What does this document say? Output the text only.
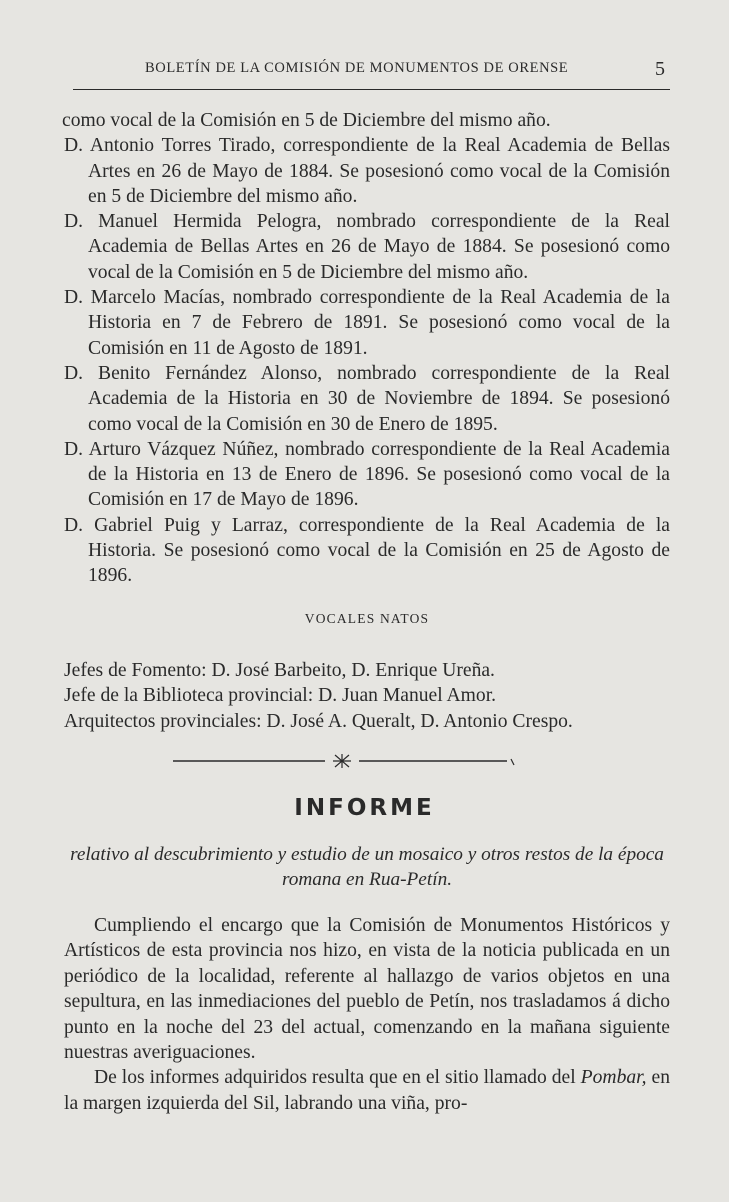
BOLETÍN DE LA COMISIÓN DE MONUMENTOS DE ORENSE	5
como vocal de la Comisión en 5 de Diciembre del mismo año.
D. Antonio Torres Tirado, correspondiente de la Real Academia de Bellas Artes en 26 de Mayo de 1884. Se posesionó como vocal de la Comisión en 5 de Diciembre del mismo año.
D. Manuel Hermida Pelogra, nombrado correspondiente de la Real Academia de Bellas Artes en 26 de Mayo de 1884. Se posesionó como vocal de la Comisión en 5 de Diciembre del mismo año.
D. Marcelo Macías, nombrado correspondiente de la Real Academia de la Historia en 7 de Febrero de 1891. Se posesionó como vocal de la Comisión en 11 de Agosto de 1891.
D. Benito Fernández Alonso, nombrado correspondiente de la Real Academia de la Historia en 30 de Noviembre de 1894. Se posesionó como vocal de la Comisión en 30 de Enero de 1895.
D. Arturo Vázquez Núñez, nombrado correspondiente de la Real Academia de la Historia en 13 de Enero de 1896. Se posesionó como vocal de la Comisión en 17 de Mayo de 1896.
D. Gabriel Puig y Larraz, correspondiente de la Real Academia de la Historia. Se posesionó como vocal de la Comisión en 25 de Agosto de 1896.
VOCALES NATOS

Jefes de Fomento: D. José Barbeito, D. Enrique Ureña.

Jefe de la Biblioteca provincial: D. Juan Manuel Amor.

Arquitectos provinciales: D. José A. Queralt, D. Antonio Crespo.

INFORME
relativo al descubrimiento y estudio de un mosaico y otros restos de la época romana en Rua-Petín.

Cumpliendo el encargo que la Comisión de Monumentos Históricos y Artísticos de esta provincia nos hizo, en vista de la noticia publicada en un periódico de la localidad, referente al hallazgo de varios objetos en una sepultura, en las inmediaciones del pueblo de Petín, nos trasladamos á dicho punto en la noche del 23 del actual, comenzando en la mañana siguiente nuestras averiguaciones.

De los informes adquiridos resulta que en el sitio llamado del Pombar, en la margen izquierda del Sil, labrando una viña, pro-
